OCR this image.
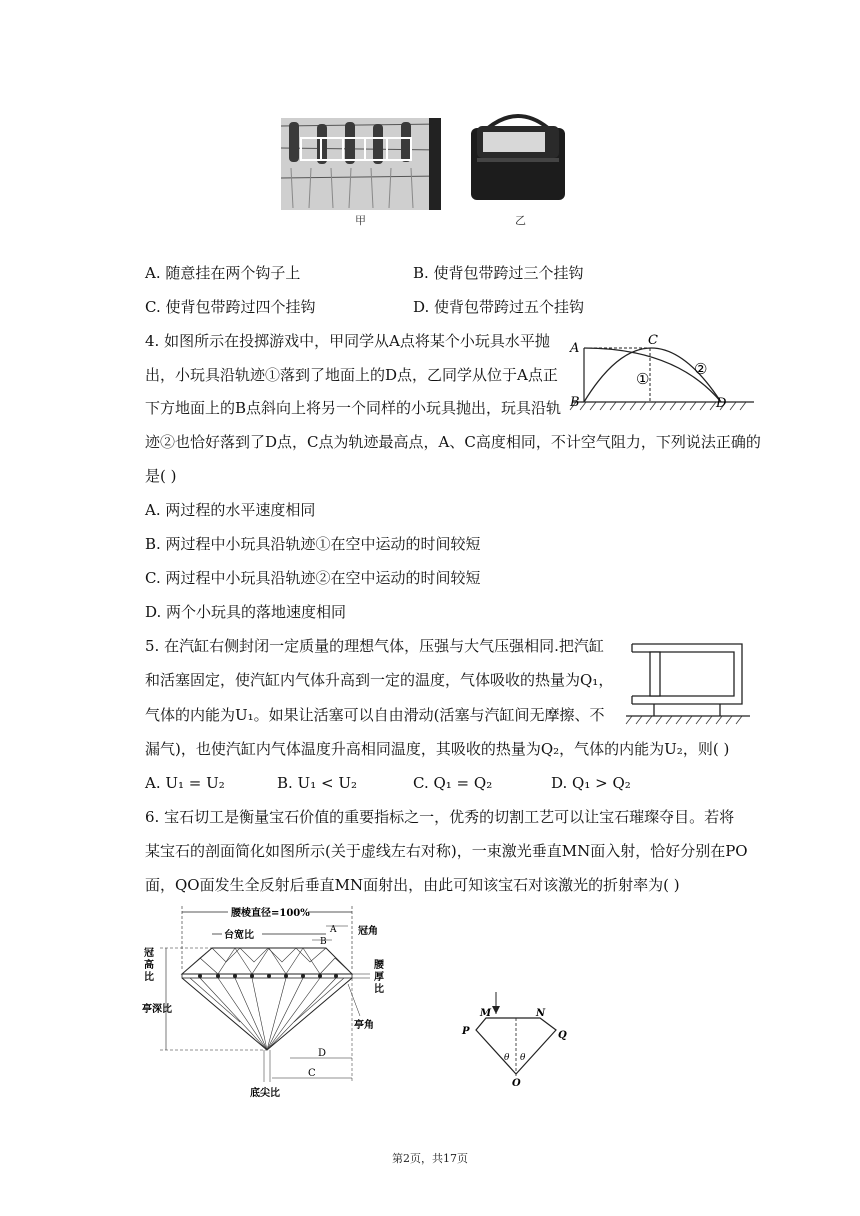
甲	乙
A. 随意挂在两个钩子上	B. 使背包带跨过三个挂钩
C. 使背包带跨过四个挂钩	D. 使背包带跨过五个挂钩
4. 如图所示在投掷游戏中，甲同学从A点将某个小玩具水平抛
出，小玩具沿轨迹①落到了地面上的D点，乙同学从位于A点正
下方地面上的B点斜向上将另一个同样的小玩具抛出，玩具沿轨
迹②也恰好落到了D点，C点为轨迹最高点，A、C高度相同，不计空气阻力，下列说法正确的
是( )
A
B
C
D
①
②
A. 两过程的水平速度相同
B. 两过程中小玩具沿轨迹①在空中运动的时间较短
C. 两过程中小玩具沿轨迹②在空中运动的时间较短
D. 两个小玩具的落地速度相同
5. 在汽缸右侧封闭一定质量的理想气体，压强与大气压强相同.把汽缸
和活塞固定，使汽缸内气体升高到一定的温度，气体吸收的热量为Q₁，
气体的内能为U₁。如果让活塞可以自由滑动(活塞与汽缸间无摩擦、不
漏气)，也使汽缸内气体温度升高相同温度，其吸收的热量为Q₂，气体的内能为U₂，则( )
A. U₁ = U₂	B. U₁ < U₂	C. Q₁ = Q₂	D. Q₁ > Q₂
6. 宝石切工是衡量宝石价值的重要指标之一，优秀的切割工艺可以让宝石璀璨夺目。若将
某宝石的剖面简化如图所示(关于虚线左右对称)，一束激光垂直MN面入射，恰好分别在PO
面，QO面发生全反射后垂直MN面射出，由此可知该宝石对该激光的折射率为( )
腰棱直径=100%
台宽比	A
B
冠角
冠
高
比
亭深比
腰
厚
比
亭角
D
C
底尖比
M	N
P	Q
O
θ θ
第2页，共17页
